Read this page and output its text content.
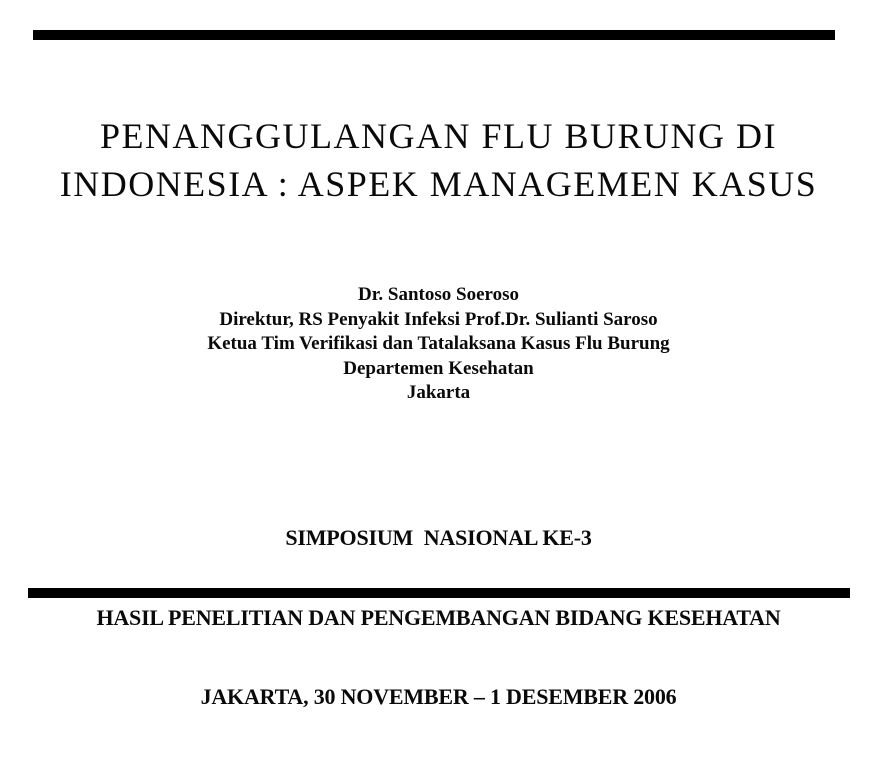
PENANGGULANGAN FLU BURUNG DI
INDONESIA : ASPEK MANAGEMEN KASUS
Dr. Santoso Soeroso
Direktur, RS Penyakit Infeksi Prof.Dr. Sulianti Saroso
Ketua Tim Verifikasi dan Tatalaksana Kasus Flu Burung
Departemen Kesehatan
Jakarta

SIMPOSIUM  NASIONAL KE-3

HASIL PENELITIAN DAN PENGEMBANGAN BIDANG KESEHATAN

JAKARTA, 30 NOVEMBER – 1 DESEMBER 2006
